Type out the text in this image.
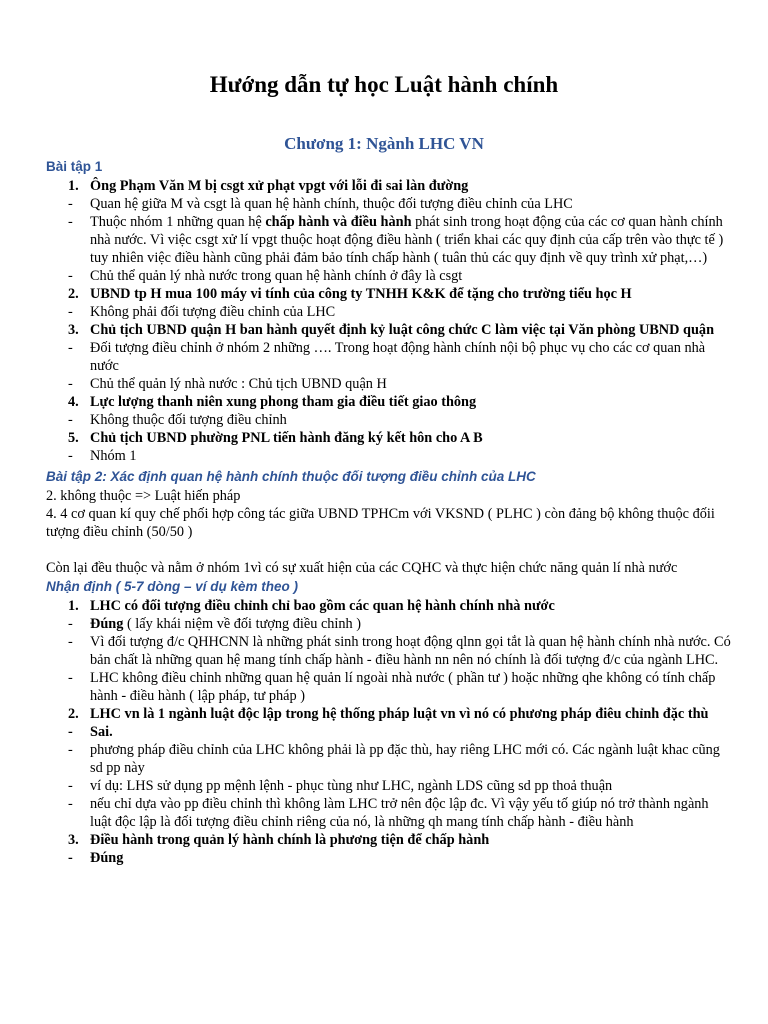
Hướng dẫn tự học Luật hành chính
Chương 1: Ngành LHC VN

Bài tập 1

1. Ông Phạm Văn M bị csgt xử phạt vpgt với lỗi đi sai làn đường
-	Quan hệ giữa M và csgt là quan hệ hành chính, thuộc đối tượng điều chỉnh của LHC
-	Thuộc nhóm 1 những quan hệ chấp hành và điều hành phát sinh trong hoạt động của các cơ quan hành chính nhà nước. Vì việc csgt xử lí vpgt thuộc hoạt động điều hành ( triển khai các quy định của cấp trên vào thực tế ) tuy nhiên việc điều hành cũng phải đảm bảo tính chấp hành ( tuân thủ các quy định về quy trình xử phạt,…)
-	Chủ thể quản lý nhà nước trong quan hệ hành chính ở đây là csgt
2. UBND tp H mua 100 máy vi tính của công ty TNHH K&K để tặng cho trường tiểu học H
-	Không phải đối tượng điều chỉnh của LHC
3. Chủ tịch UBND quận H ban hành quyết định kỷ luật công chức C làm việc tại Văn phòng UBND quận
-	Đối tượng điều chỉnh ở nhóm 2 những …. Trong hoạt động hành chính nội bộ phục vụ cho các cơ quan nhà nước
-	Chủ thể quản lý nhà nước : Chủ tịch UBND quận H
4. Lực lượng thanh niên xung phong tham gia điều tiết giao thông
-	Không thuộc đối tượng điều chỉnh
5. Chủ tịch UBND phường PNL tiến hành đăng ký kết hôn cho A B
-	Nhóm 1

Bài tập 2: Xác định quan hệ hành chính thuộc đối tượng điều chỉnh của LHC

2. không thuộc => Luật hiến pháp

4. 4 cơ quan kí quy chế phối hợp công tác giữa UBND TPHCm với VKSND ( PLHC ) còn đảng bộ không thuộc đốii tượng điều chỉnh (50/50 )

Còn lại đều thuộc và nằm ở nhóm 1vì có sự xuất hiện của các CQHC và thực hiện chức năng quản lí nhà nước

Nhận định ( 5-7 dòng – ví dụ kèm theo )

1. LHC có đối tượng điều chỉnh chỉ bao gồm các quan hệ hành chính nhà nước
-	Đúng ( lấy khái niệm về đối tượng điều chỉnh )
-	Vì đối tượng đ/c QHHCNN là những phát sinh trong hoạt động qlnn gọi tắt là quan hệ hành chính nhà nước. Có bản chất là những quan hệ mang tính chấp hành - điều hành nn nên nó chính là đối tượng đ/c của ngành LHC.
-	LHC không điều chỉnh những quan hệ quản lí ngoài nhà nước ( phần tư ) hoặc những qhe không có tính chấp hành - điều hành ( lập pháp, tư pháp )
2. LHC vn là 1 ngành luật độc lập trong hệ thống pháp luật vn vì nó có phương pháp điêu chỉnh đặc thù
-	Sai.
-	phương pháp điều chỉnh của LHC không phải là pp đặc thù, hay riêng LHC mới có. Các ngành luật khac cũng sd pp này
-	ví dụ: LHS sử dụng pp mệnh lệnh - phục tùng như LHC, ngành LDS cũng sd pp thoả thuận
-	nếu chỉ dựa vào pp điều chỉnh thì không làm LHC trở nên độc lập đc. Vì vậy yếu tố giúp nó trở thành ngành luật độc lập là đối tượng điều chỉnh riêng của nó, là những qh mang tính chấp hành - điều hành
3. Điều hành trong quản lý hành chính là phương tiện để chấp hành
-	Đúng
